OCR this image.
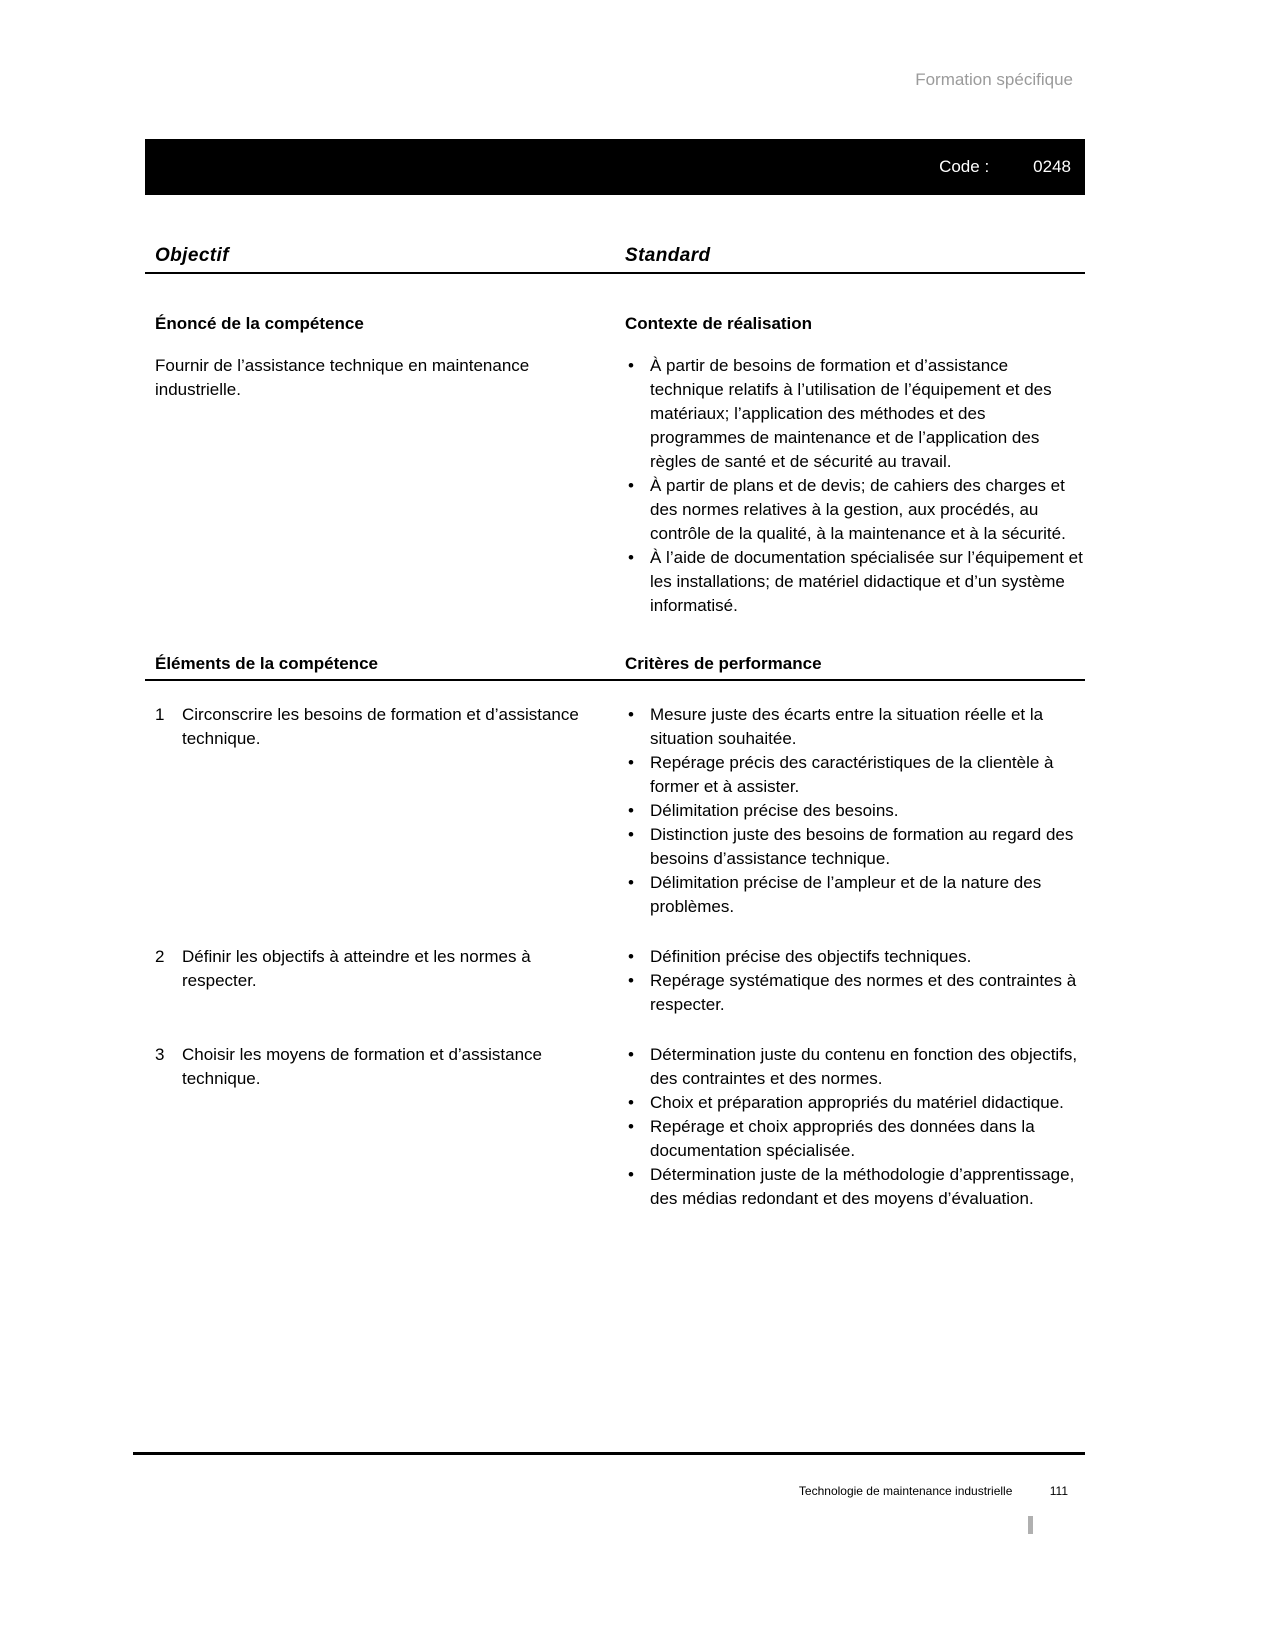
Formation spécifique
Code :	0248
Objectif	Standard
Énoncé de la compétence	Contexte de réalisation
Fournir de l’assistance technique en maintenance industrielle.
• À partir de besoins de formation et d’assistance technique relatifs à l’utilisation de l’équipement et des matériaux; l’application des méthodes et des programmes de maintenance et de l’application des règles de santé et de sécurité au travail.
• À partir de plans et de devis; de cahiers des charges et des normes relatives à la gestion, aux procédés, au contrôle de la qualité, à la maintenance et à la sécurité.
• À l’aide de documentation spécialisée sur l’équipement et les installations; de matériel didactique et d’un système informatisé.
Éléments de la compétence	Critères de performance
1	Circonscrire les besoins de formation et d’assistance technique.
• Mesure juste des écarts entre la situation réelle et la situation souhaitée.
• Repérage précis des caractéristiques de la clientèle à former et à assister.
• Délimitation précise des besoins.
• Distinction juste des besoins de formation au regard des besoins d’assistance technique.
• Délimitation précise de l’ampleur et de la nature des problèmes.
2	Définir les objectifs à atteindre et les normes à respecter.
• Définition précise des objectifs techniques.
• Repérage systématique des normes et des contraintes à respecter.
3	Choisir les moyens de formation et d’assistance technique.
• Détermination juste du contenu en fonction des objectifs, des contraintes et des normes.
• Choix et préparation appropriés du matériel didactique.
• Repérage et choix appropriés des données dans la documentation spécialisée.
• Détermination juste de la méthodologie d’apprentissage, des médias redondant et des moyens d’évaluation.
Technologie de maintenance industrielle	111
